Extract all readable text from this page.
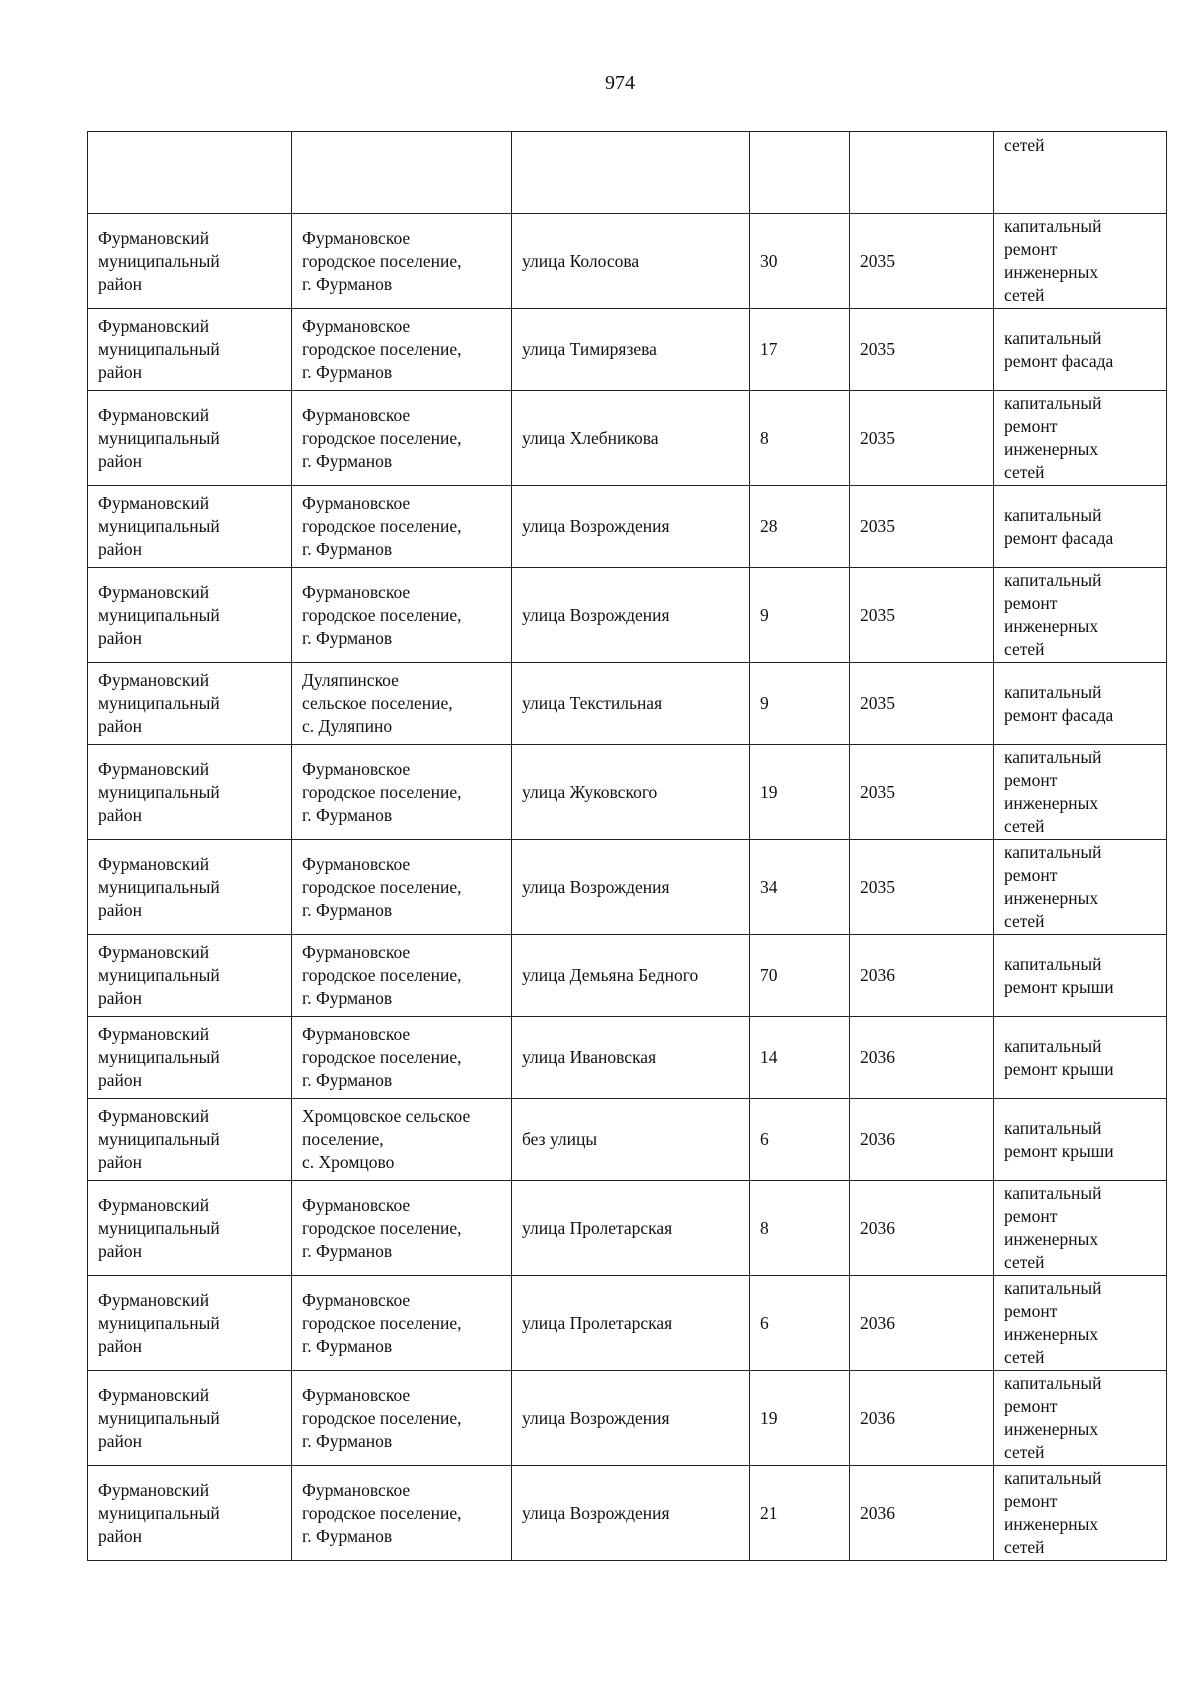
974
					сетей
Фурмановский
муниципальный
район	Фурмановское
городское поселение,
г. Фурманов	улица Колосова	30	2035	капитальный
ремонт
инженерных
сетей
Фурмановский
муниципальный
район	Фурмановское
городское поселение,
г. Фурманов	улица Тимирязева	17	2035	капитальный
ремонт фасада
Фурмановский
муниципальный
район	Фурмановское
городское поселение,
г. Фурманов	улица Хлебникова	8	2035	капитальный
ремонт
инженерных
сетей
Фурмановский
муниципальный
район	Фурмановское
городское поселение,
г. Фурманов	улица Возрождения	28	2035	капитальный
ремонт фасада
Фурмановский
муниципальный
район	Фурмановское
городское поселение,
г. Фурманов	улица Возрождения	9	2035	капитальный
ремонт
инженерных
сетей
Фурмановский
муниципальный
район	Дуляпинское
сельское поселение,
с. Дуляпино	улица Текстильная	9	2035	капитальный
ремонт фасада
Фурмановский
муниципальный
район	Фурмановское
городское поселение,
г. Фурманов	улица Жуковского	19	2035	капитальный
ремонт
инженерных
сетей
Фурмановский
муниципальный
район	Фурмановское
городское поселение,
г. Фурманов	улица Возрождения	34	2035	капитальный
ремонт
инженерных
сетей
Фурмановский
муниципальный
район	Фурмановское
городское поселение,
г. Фурманов	улица Демьяна Бедного	70	2036	капитальный
ремонт крыши
Фурмановский
муниципальный
район	Фурмановское
городское поселение,
г. Фурманов	улица Ивановская	14	2036	капитальный
ремонт крыши
Фурмановский
муниципальный
район	Хромцовское сельское
поселение,
с. Хромцово	без улицы	6	2036	капитальный
ремонт крыши
Фурмановский
муниципальный
район	Фурмановское
городское поселение,
г. Фурманов	улица Пролетарская	8	2036	капитальный
ремонт
инженерных
сетей
Фурмановский
муниципальный
район	Фурмановское
городское поселение,
г. Фурманов	улица Пролетарская	6	2036	капитальный
ремонт
инженерных
сетей
Фурмановский
муниципальный
район	Фурмановское
городское поселение,
г. Фурманов	улица Возрождения	19	2036	капитальный
ремонт
инженерных
сетей
Фурмановский
муниципальный
район	Фурмановское
городское поселение,
г. Фурманов	улица Возрождения	21	2036	капитальный
ремонт
инженерных
сетей
